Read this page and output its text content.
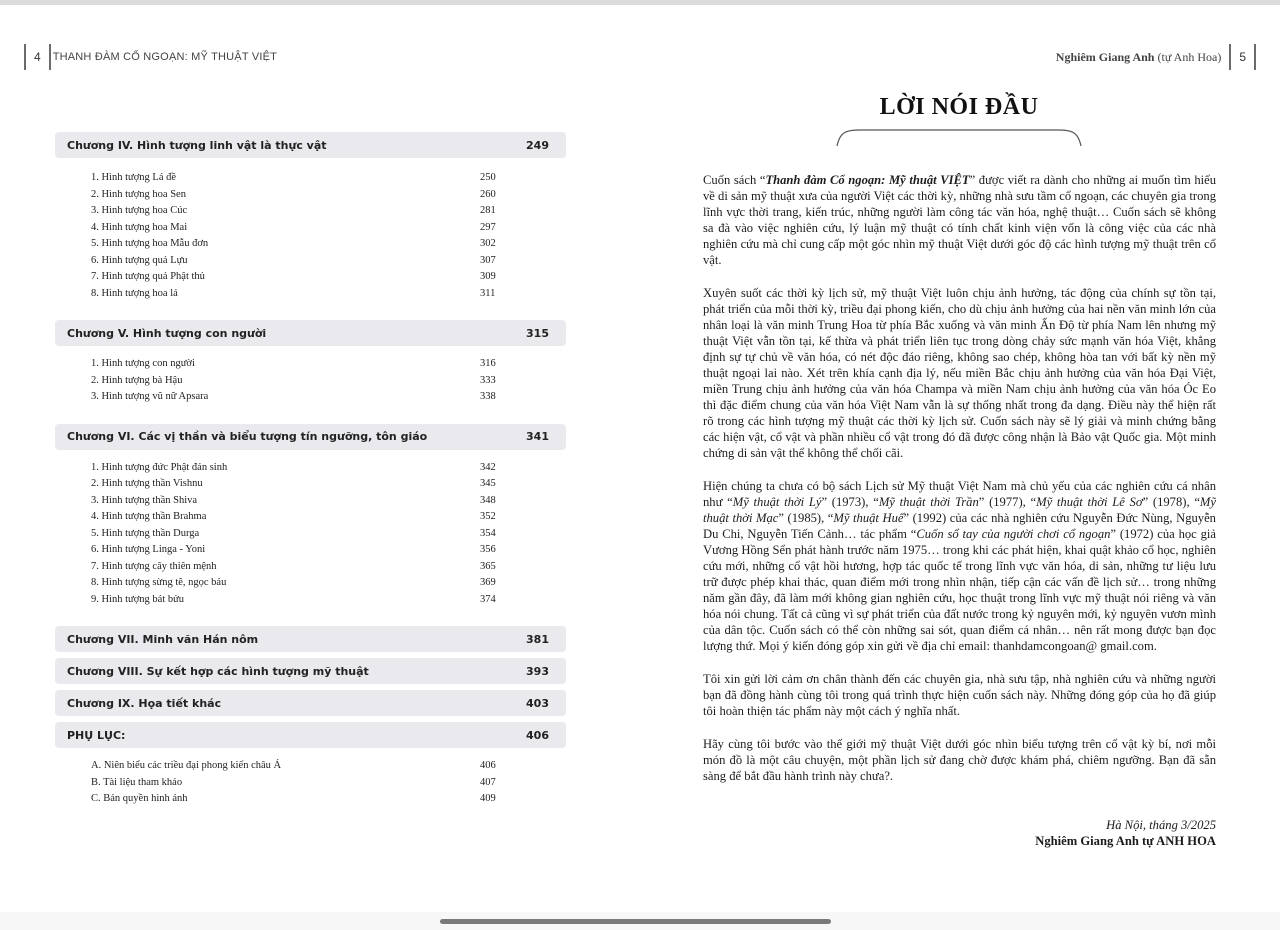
4	THANH ĐÀM CỔ NGOẠN: MỸ THUẬT VIỆT	Nghiêm Giang Anh (tự Anh Hoa)	5
Chương IV. Hình tượng linh vật là thực vật	249
1. Hình tượng Lá đề	250
2. Hình tượng hoa Sen	260
3. Hình tượng hoa Cúc	281
4. Hình tượng hoa Mai	297
5. Hình tượng hoa Mẫu đơn	302
6. Hình tượng quả Lựu	307
7. Hình tượng quả Phật thủ	309
8. Hình tượng hoa lá	311
Chương V. Hình tượng con người	315
1. Hình tượng con người	316
2. Hình tượng bà Hậu	333
3. Hình tượng vũ nữ Apsara	338
Chương VI. Các vị thần và biểu tượng tín ngưỡng, tôn giáo	341
1. Hình tượng đức Phật đản sinh	342
2. Hình tượng thần Vishnu	345
3. Hình tượng thần Shiva	348
4. Hình tượng thần Brahma	352
5. Hình tượng thần Durga	354
6. Hình tượng Linga - Yoni	356
7. Hình tượng cây thiên mệnh	365
8. Hình tượng sừng tê, ngọc báu	369
9. Hình tượng bát bửu	374
Chương VII. Minh văn Hán nôm	381
Chương VIII. Sự kết hợp các hình tượng mỹ thuật	393
Chương IX. Họa tiết khác	403
PHỤ LỤC:	406
A. Niên biểu các triều đại phong kiến châu Á	406
B. Tài liệu tham khảo	407
C. Bản quyền hình ảnh	409
LỜI NÓI ĐẦU

Cuốn sách “Thanh đàm Cổ ngoạn: Mỹ thuật VIỆT” được viết ra dành cho những ai muốn tìm hiểu về di sản mỹ thuật xưa của người Việt các thời kỳ, những nhà sưu tầm cổ ngoạn, các chuyên gia trong lĩnh vực thời trang, kiến trúc, những người làm công tác văn hóa, nghệ thuật… Cuốn sách sẽ không sa đà vào việc nghiên cứu, lý luận mỹ thuật có tính chất kinh viện vốn là công việc của các nhà nghiên cứu mà chỉ cung cấp một góc nhìn mỹ thuật Việt dưới góc độ các hình tượng mỹ thuật trên cổ vật.

Xuyên suốt các thời kỳ lịch sử, mỹ thuật Việt luôn chịu ảnh hưởng, tác động của chính sự tồn tại, phát triển của mỗi thời kỳ, triều đại phong kiến, cho dù chịu ảnh hưởng của hai nền văn minh lớn của nhân loại là văn minh Trung Hoa từ phía Bắc xuống và văn minh Ấn Độ từ phía Nam lên nhưng mỹ thuật Việt vẫn tồn tại, kế thừa và phát triển liên tục trong dòng chảy sức mạnh văn hóa Việt, khẳng định sự tự chủ về văn hóa, có nét độc đáo riêng, không sao chép, không hòa tan với bất kỳ nền mỹ thuật ngoại lai nào. Xét trên khía cạnh địa lý, nếu miền Bắc chịu ảnh hưởng của văn hóa Đại Việt, miền Trung chịu ảnh hưởng của văn hóa Champa và miền Nam chịu ảnh hưởng của văn hóa Óc Eo thì đặc điểm chung của văn hóa Việt Nam vẫn là sự thống nhất trong đa dạng. Điều này thể hiện rất rõ trong các hình tượng mỹ thuật các thời kỳ lịch sử. Cuốn sách này sẽ lý giải và minh chứng bằng các hiện vật, cổ vật và phần nhiều cổ vật trong đó đã được công nhận là Bảo vật Quốc gia. Một minh chứng di sản vật thể không thể chối cãi.

Hiện chúng ta chưa có bộ sách Lịch sử Mỹ thuật Việt Nam mà chủ yếu của các nghiên cứu cá nhân như “Mỹ thuật thời Lý” (1973), “Mỹ thuật thời Trần” (1977), “Mỹ thuật thời Lê Sơ” (1978), “Mỹ thuật thời Mạc” (1985), “Mỹ thuật Huế” (1992) của các nhà nghiên cứu Nguyễn Đức Nùng, Nguyễn Du Chi, Nguyễn Tiến Cảnh… tác phẩm “Cuốn sổ tay của người chơi cổ ngoạn” (1972) của học giả Vương Hồng Sển phát hành trước năm 1975… trong khi các phát hiện, khai quật khảo cổ học, nghiên cứu mới, những cổ vật hồi hương, hợp tác quốc tế trong lĩnh vực văn hóa, di sản, những tư liệu lưu trữ được phép khai thác, quan điểm mới trong nhìn nhận, tiếp cận các vấn đề lịch sử… trong những năm gần đây, đã làm mới không gian nghiên cứu, học thuật trong lĩnh vực mỹ thuật nói riêng và văn hóa nói chung. Tất cả cũng vì sự phát triển của đất nước trong kỷ nguyên mới, kỷ nguyên vươn mình của dân tộc. Cuốn sách có thể còn những sai sót, quan điểm cá nhân… nên rất mong được bạn đọc lượng thứ. Mọi ý kiến đóng góp xin gửi về địa chỉ email: thanhdamcongoan@ gmail.com.

Tôi xin gửi lời cảm ơn chân thành đến các chuyên gia, nhà sưu tập, nhà nghiên cứu và những người bạn đã đồng hành cùng tôi trong quá trình thực hiện cuốn sách này. Những đóng góp của họ đã giúp tôi hoàn thiện tác phẩm này một cách ý nghĩa nhất.

Hãy cùng tôi bước vào thế giới mỹ thuật Việt dưới góc nhìn biểu tượng trên cổ vật kỳ bí, nơi mỗi món đồ là một câu chuyện, một phần lịch sử đang chờ được khám phá, chiêm ngưỡng. Bạn đã sẵn sàng để bắt đầu hành trình này chưa?.

Hà Nội, tháng 3/2025
Nghiêm Giang Anh tự ANH HOA
